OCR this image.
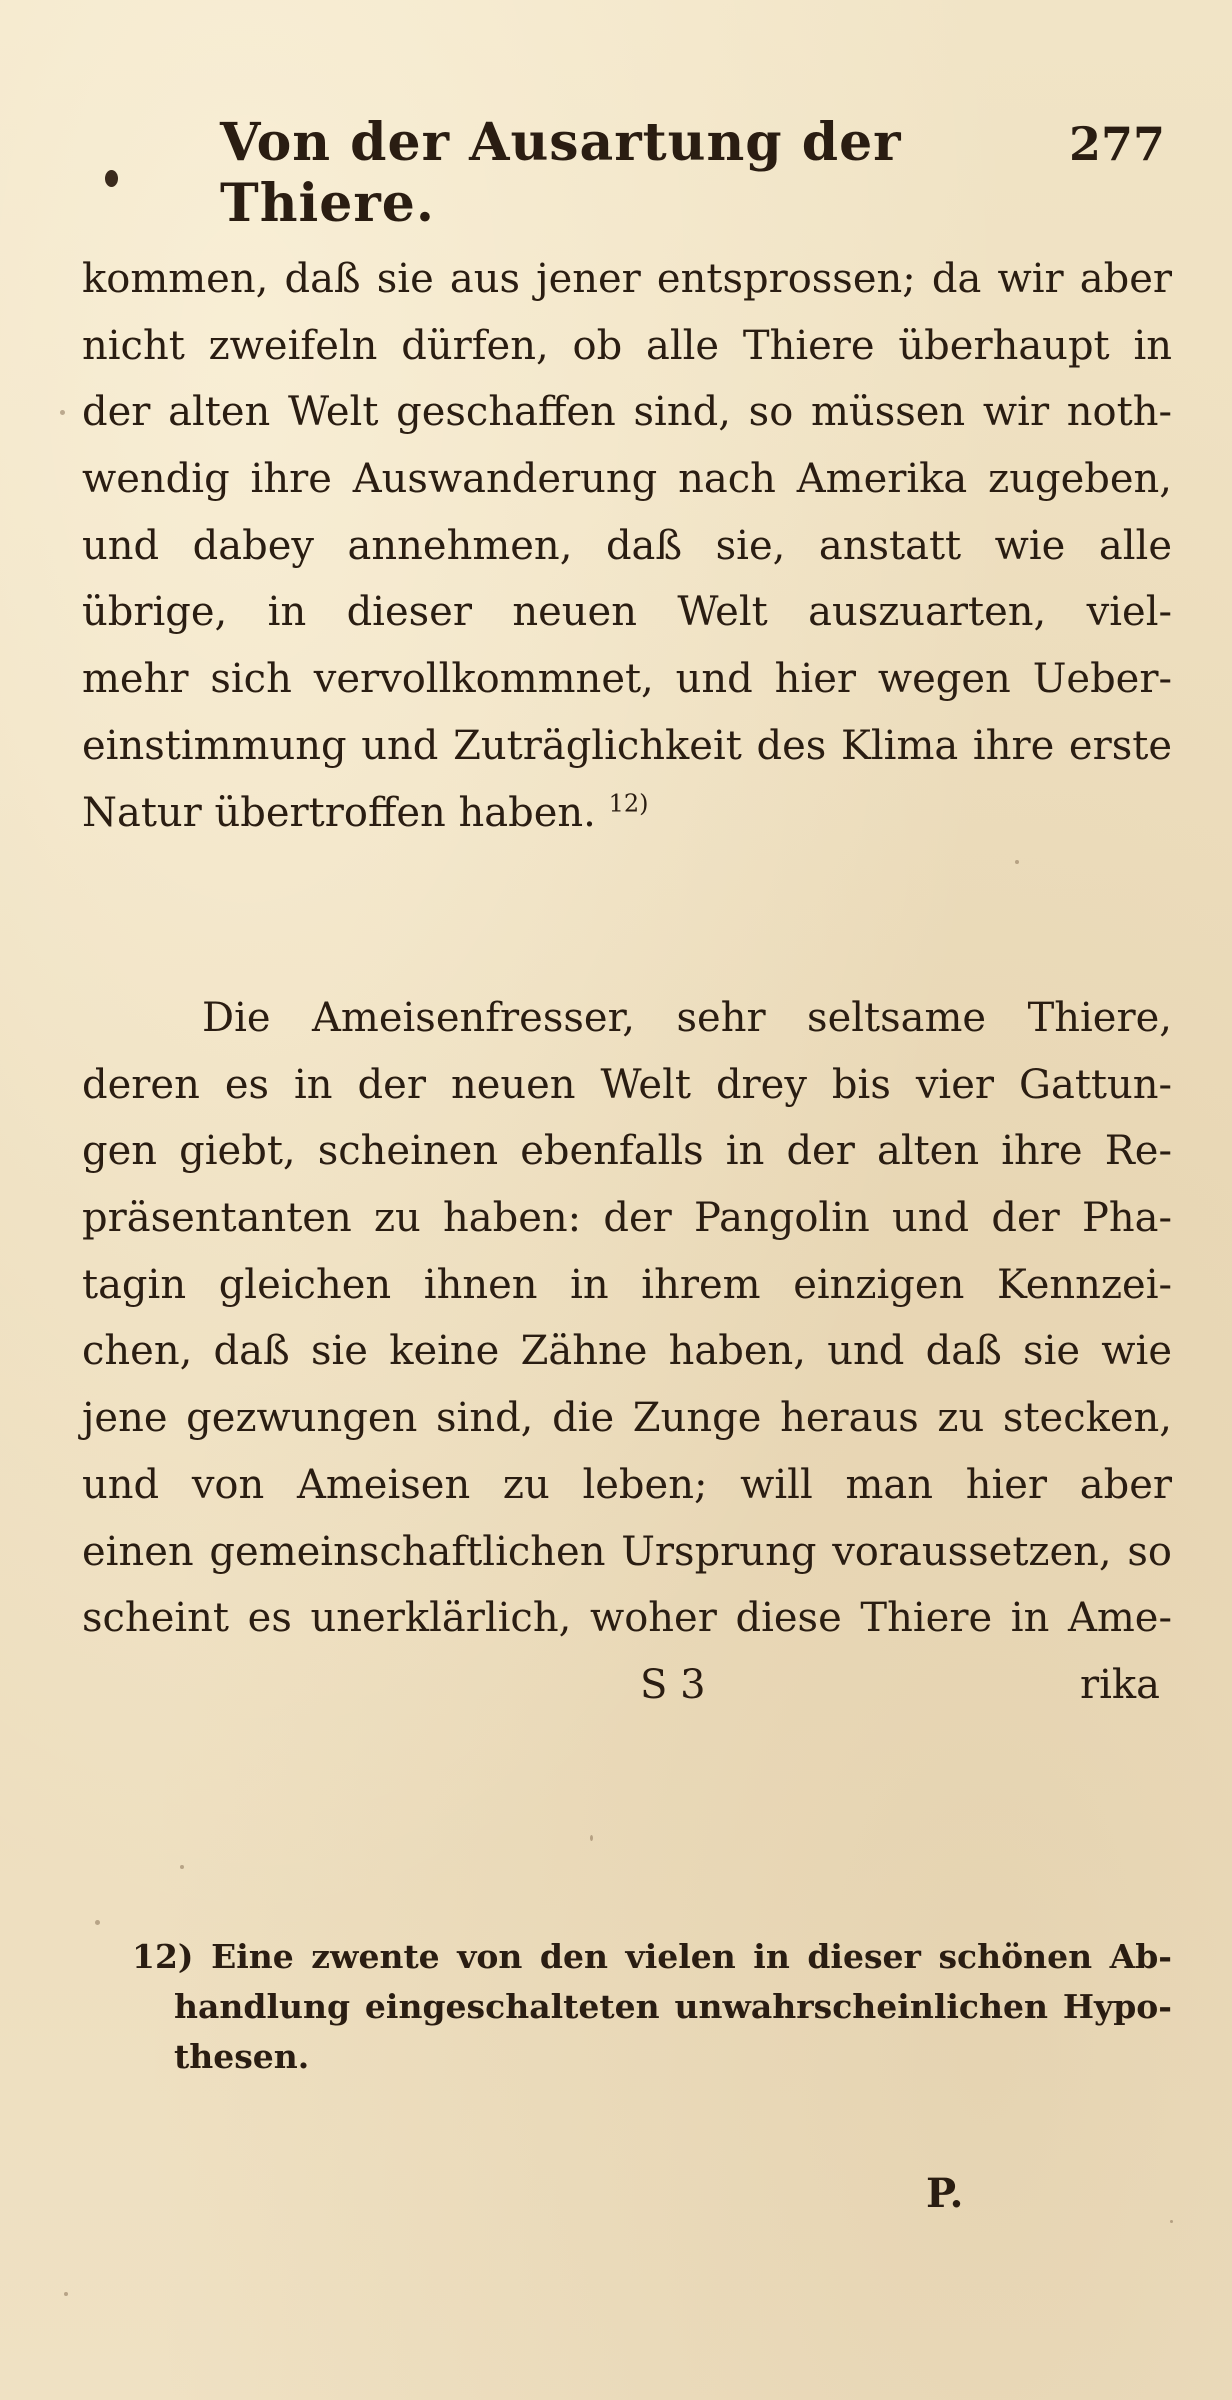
Von der Ausartung der Thiere.
277
kommen, daß sie aus jener entsprossen; da wir aber
nicht zweifeln dürfen, ob alle Thiere überhaupt in
der alten Welt geschaffen sind, so müssen wir noth-
wendig ihre Auswanderung nach Amerika zugeben,
und dabey annehmen, daß sie, anstatt wie alle
übrige, in dieser neuen Welt auszuarten, viel-
mehr sich vervollkommnet, und hier wegen Ueber-
einstimmung und Zuträglichkeit des Klima ihre erste
Natur übertroffen haben. $^{12)}$
Die Ameisenfresser, sehr seltsame Thiere,
deren es in der neuen Welt drey bis vier Gattun-
gen giebt, scheinen ebenfalls in der alten ihre Re-
präsentanten zu haben: der Pangolin und der Pha-
tagin gleichen ihnen in ihrem einzigen Kennzei-
chen, daß sie keine Zähne haben, und daß sie wie
jene gezwungen sind, die Zunge heraus zu stecken,
und von Ameisen zu leben; will man hier aber
einen gemeinschaftlichen Ursprung voraussetzen, so
scheint es unerklärlich, woher diese Thiere in Ame-
S 3	rika
12) Eine zwente von den vielen in dieser schönen Ab-
handlung eingeschalteten unwahrscheinlichen Hypo-
thesen.
P.
